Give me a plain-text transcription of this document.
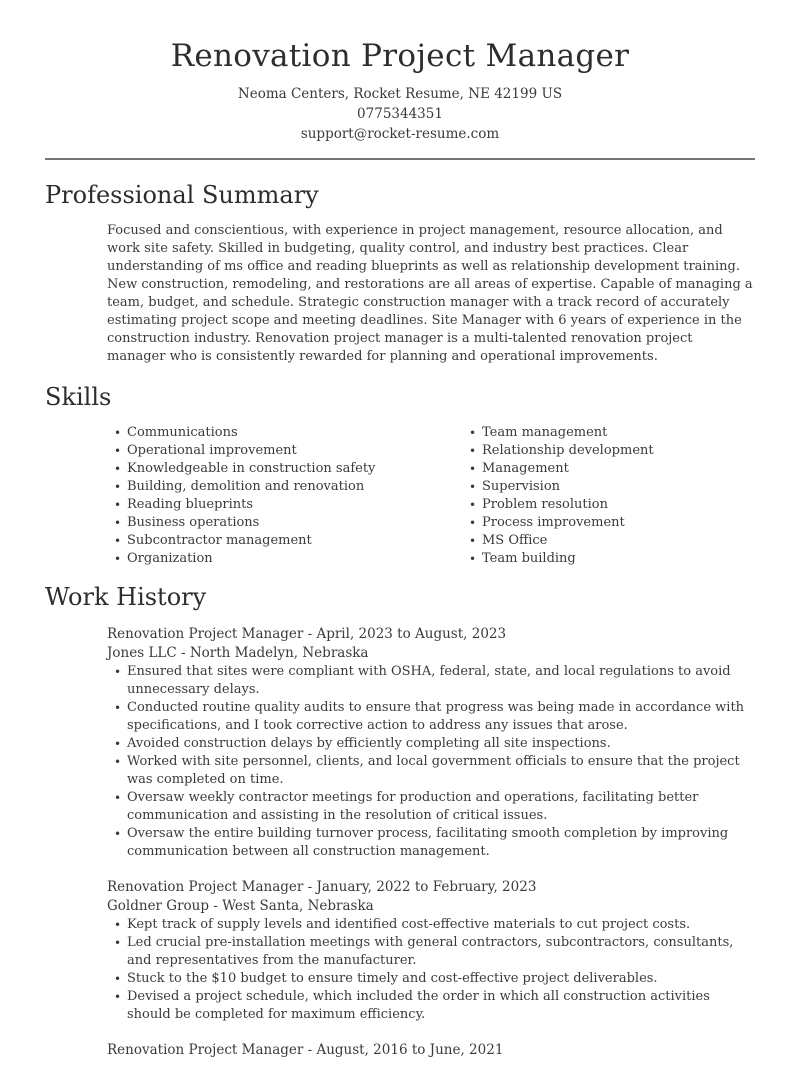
Renovation Project Manager
Neoma Centers, Rocket Resume, NE 42199 US
0775344351
support@rocket-resume.com
Professional Summary

Focused and conscientious, with experience in project management, resource allocation, and work site safety. Skilled in budgeting, quality control, and industry best practices. Clear understanding of ms office and reading blueprints as well as relationship development training. New construction, remodeling, and restorations are all areas of expertise. Capable of managing a team, budget, and schedule. Strategic construction manager with a track record of accurately estimating project scope and meeting deadlines. Site Manager with 6 years of experience in the construction industry. Renovation project manager is a multi-talented renovation project manager who is consistently rewarded for planning and operational improvements.

Skills
• Communications
• Operational improvement
• Knowledgeable in construction safety
• Building, demolition and renovation
• Reading blueprints
• Business operations
• Subcontractor management
• Organization
• Team management
• Relationship development
• Management
• Supervision
• Problem resolution
• Process improvement
• MS Office
• Team building
Work History
Renovation Project Manager - April, 2023 to August, 2023
Jones LLC - North Madelyn, Nebraska
• Ensured that sites were compliant with OSHA, federal, state, and local regulations to avoid unnecessary delays.
• Conducted routine quality audits to ensure that progress was being made in accordance with specifications, and I took corrective action to address any issues that arose.
• Avoided construction delays by efficiently completing all site inspections.
• Worked with site personnel, clients, and local government officials to ensure that the project was completed on time.
• Oversaw weekly contractor meetings for production and operations, facilitating better communication and assisting in the resolution of critical issues.
• Oversaw the entire building turnover process, facilitating smooth completion by improving communication between all construction management.
Renovation Project Manager - January, 2022 to February, 2023
Goldner Group - West Santa, Nebraska
• Kept track of supply levels and identified cost-effective materials to cut project costs.
• Led crucial pre-installation meetings with general contractors, subcontractors, consultants, and representatives from the manufacturer.
• Stuck to the $10 budget to ensure timely and cost-effective project deliverables.
• Devised a project schedule, which included the order in which all construction activities should be completed for maximum efficiency.
Renovation Project Manager - August, 2016 to June, 2021
